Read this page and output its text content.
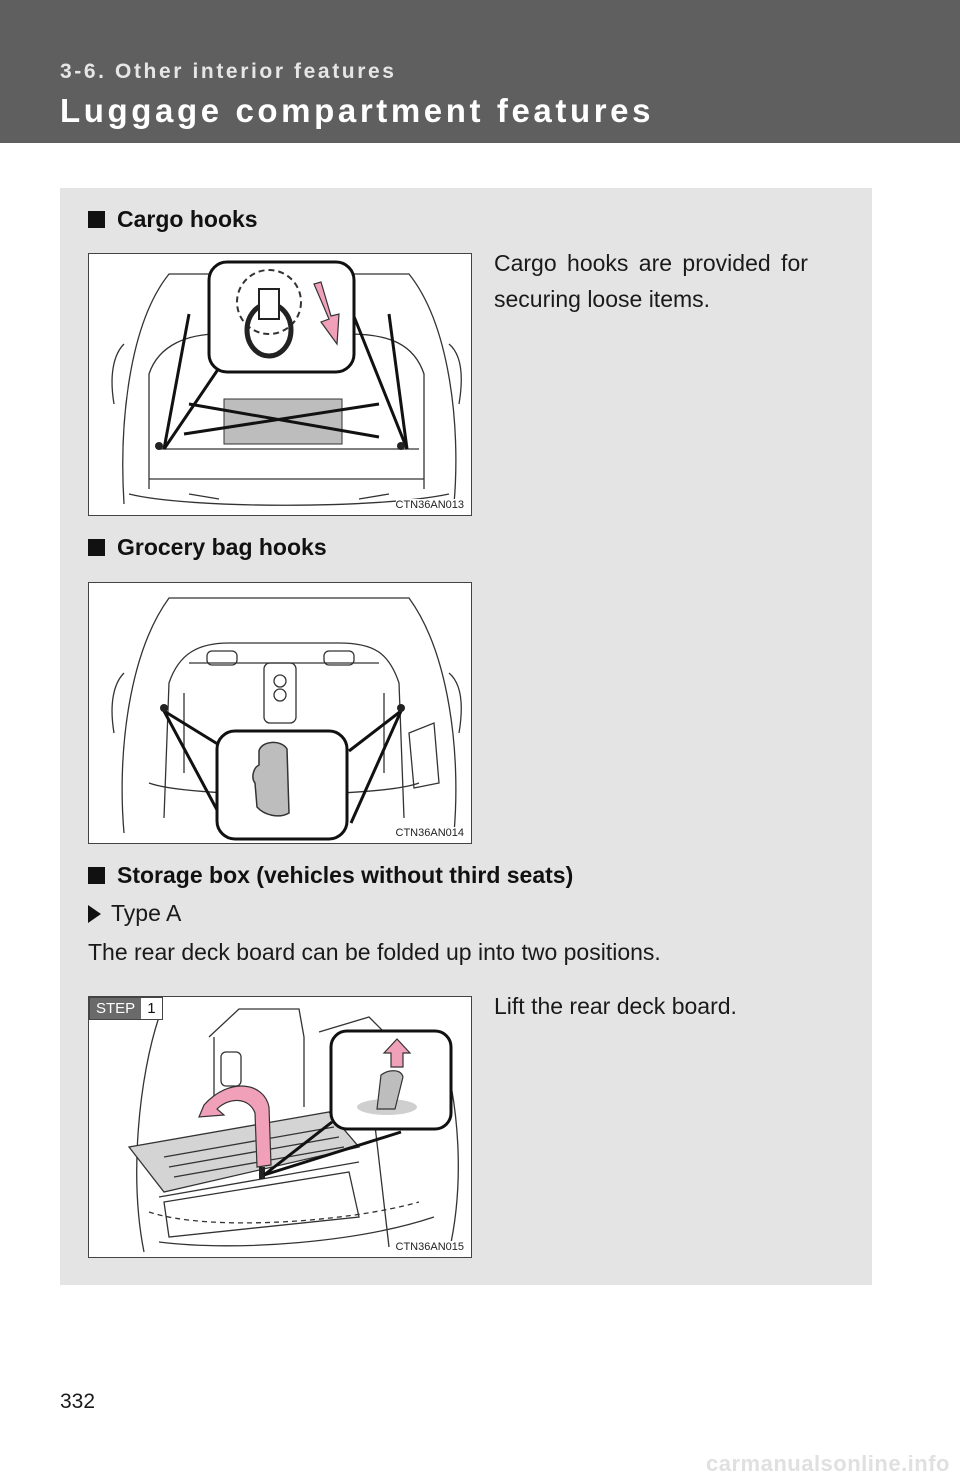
3-6. Other interior features
Luggage compartment features
Cargo hooks
Cargo hooks are provided for
securing loose items.
CTN36AN013
Grocery bag hooks
CTN36AN014
Storage box (vehicles without third seats)
Type A
The rear deck board can be folded up into two positions.
Lift the rear deck board.
STEP 1
CTN36AN015
332
carmanualsonline.info
